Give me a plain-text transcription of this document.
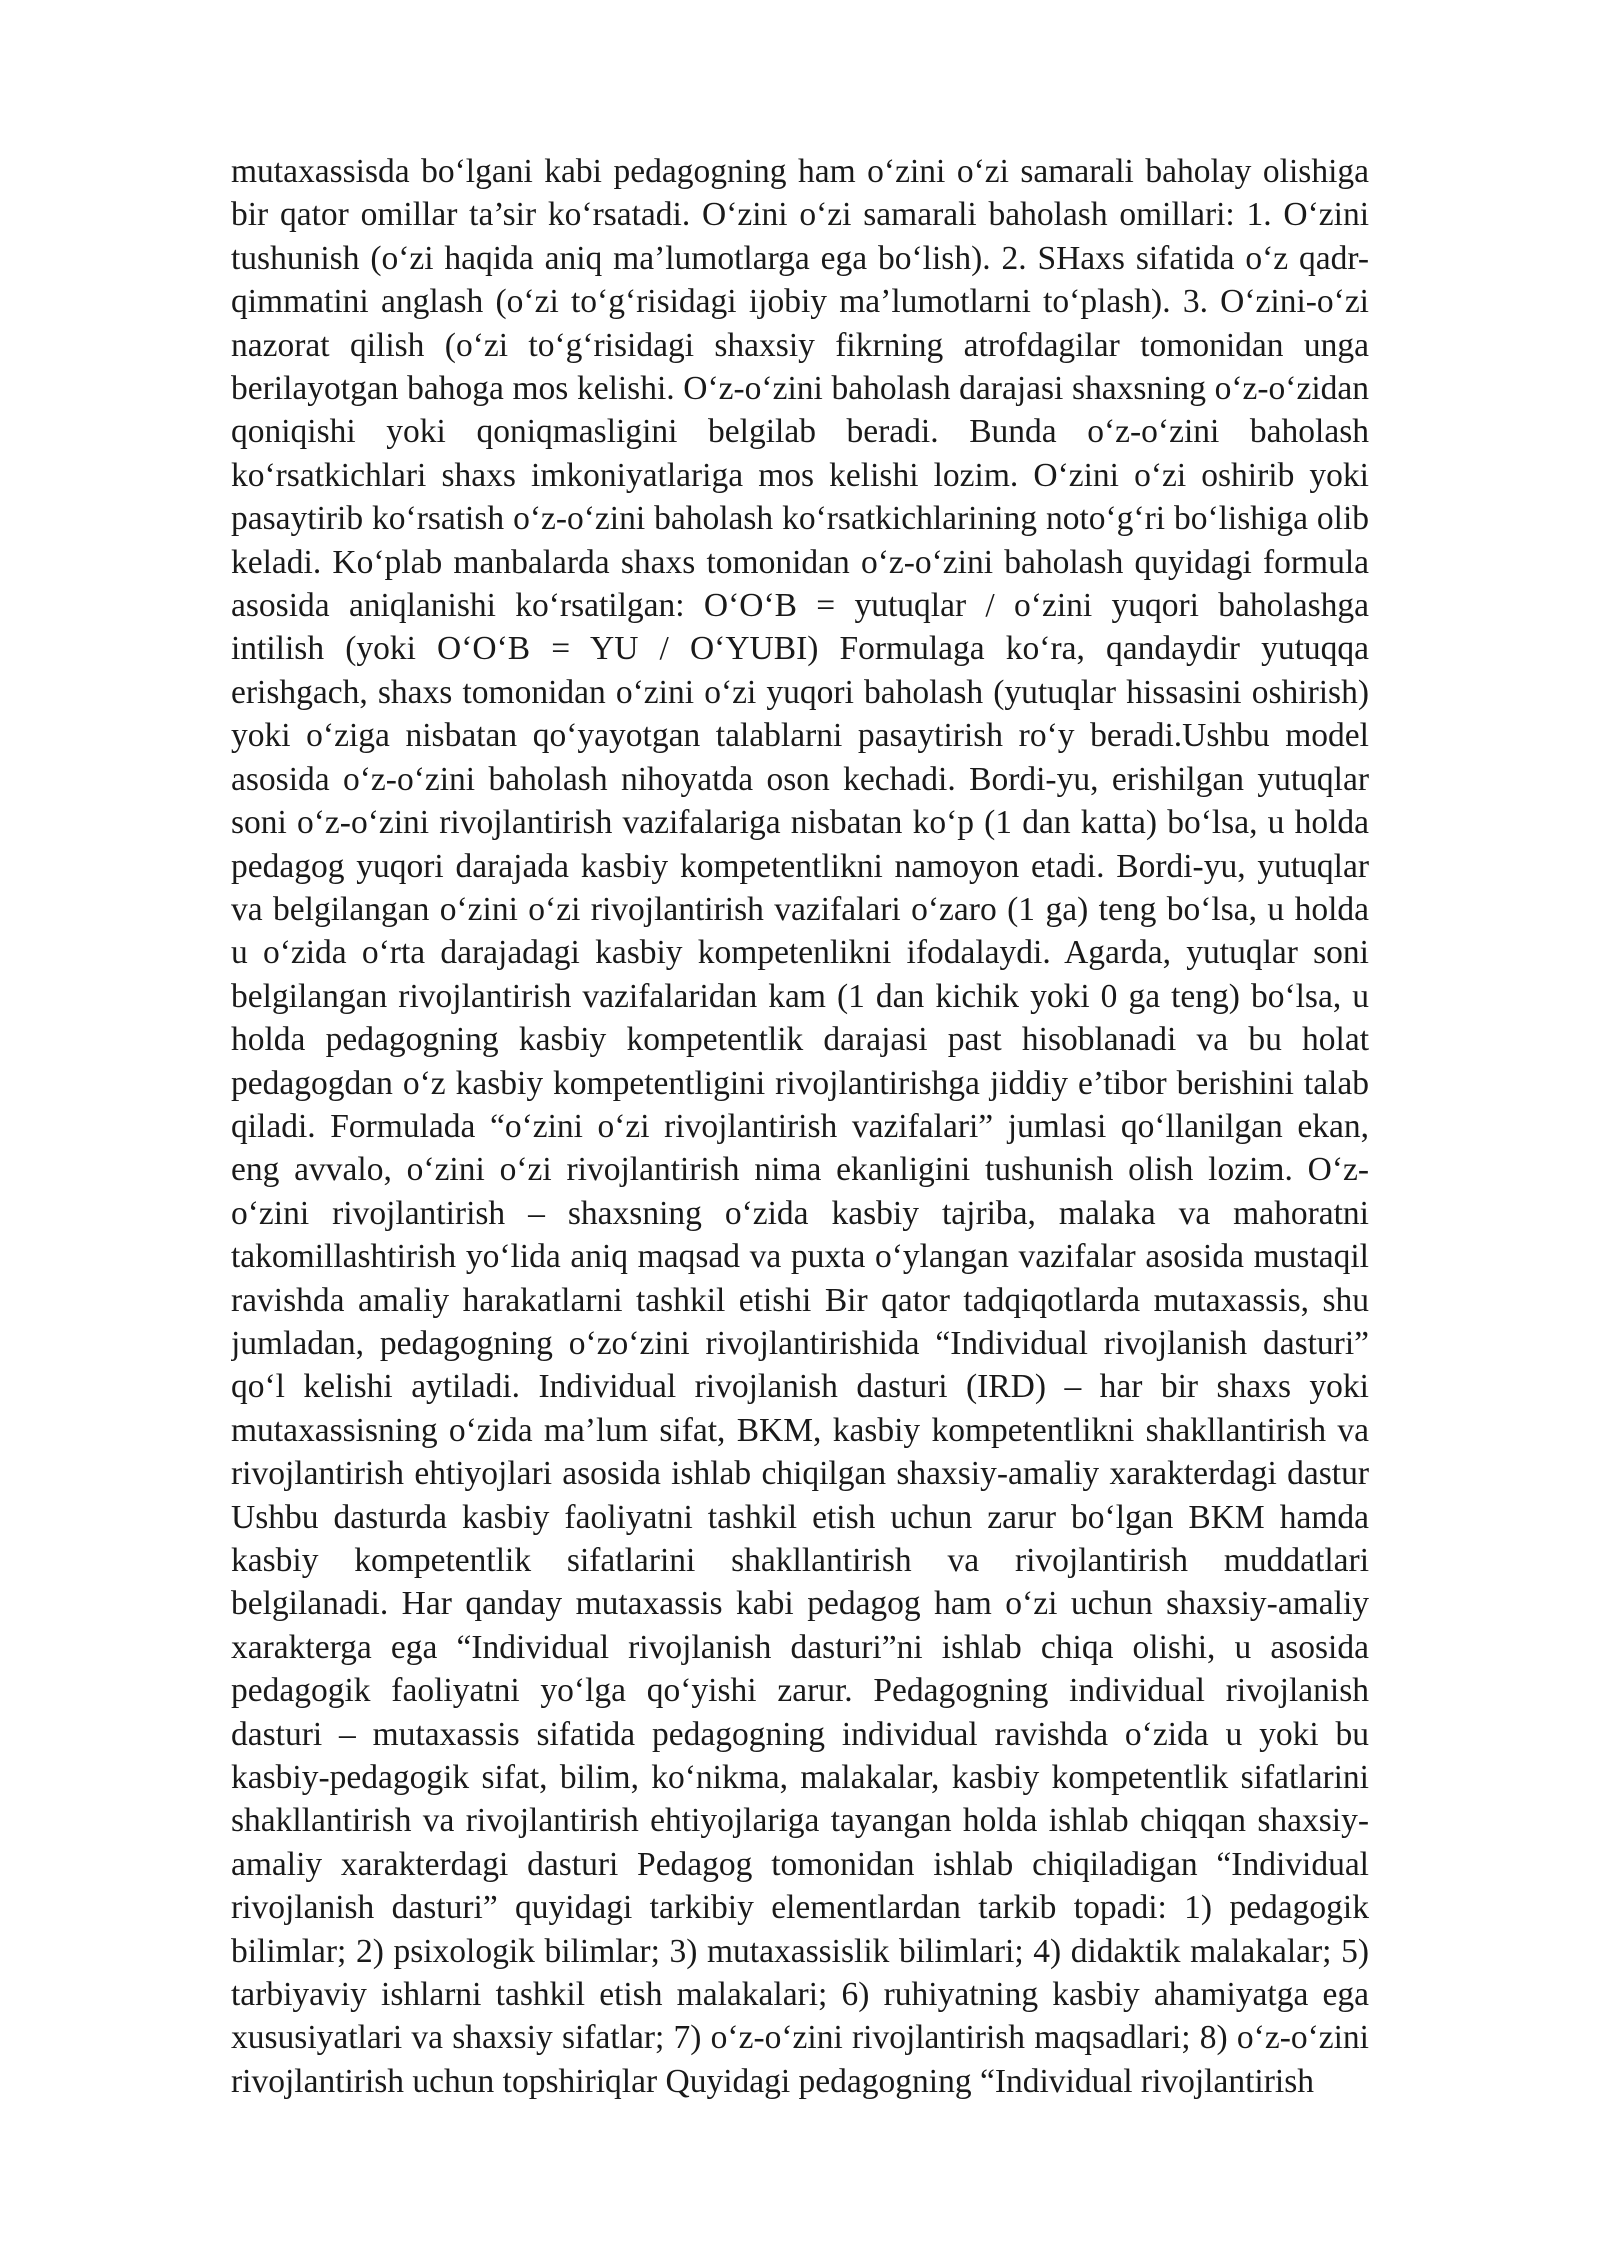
mutaxassisda bo‘lgani kabi pedagogning ham o‘zini o‘zi samarali baholay olishiga bir qator omillar ta’sir ko‘rsatadi. O‘zini o‘zi samarali baholash omillari: 1. O‘zini tushunish (o‘zi haqida aniq ma’lumotlarga ega bo‘lish). 2. SHaxs sifatida o‘z qadr-qimmatini anglash (o‘zi to‘g‘risidagi ijobiy ma’lumotlarni to‘plash). 3. O‘zini-o‘zi nazorat qilish (o‘zi to‘g‘risidagi shaxsiy fikrning atrofdagilar tomonidan unga berilayotgan bahoga mos kelishi. O‘z-o‘zini baholash darajasi shaxsning o‘z-o‘zidan qoniqishi yoki qoniqmasligini belgilab beradi. Bunda o‘z-o‘zini baholash ko‘rsatkichlari shaxs imkoniyatlariga mos kelishi lozim. O‘zini o‘zi oshirib yoki pasaytirib ko‘rsatish o‘z-o‘zini baholash ko‘rsatkichlarining noto‘g‘ri bo‘lishiga olib keladi. Ko‘plab manbalarda shaxs tomonidan o‘z-o‘zini baholash quyidagi formula asosida aniqlanishi ko‘rsatilgan: O‘O‘B = yutuqlar / o‘zini yuqori baholashga intilish (yoki O‘O‘B = YU / O‘YUBI) Formulaga ko‘ra, qandaydir yutuqqa erishgach, shaxs tomonidan o‘zini o‘zi yuqori baholash (yutuqlar hissasini oshirish) yoki o‘ziga nisbatan qo‘yayotgan talablarni pasaytirish ro‘y beradi.Ushbu model asosida o‘z-o‘zini baholash nihoyatda oson kechadi. Bordi-yu, erishilgan yutuqlar soni o‘z-o‘zini rivojlantirish vazifalariga nisbatan ko‘p (1 dan katta) bo‘lsa, u holda pedagog yuqori darajada kasbiy kompetentlikni namoyon etadi. Bordi-yu, yutuqlar va belgilangan o‘zini o‘zi rivojlantirish vazifalari o‘zaro (1 ga) teng bo‘lsa, u holda u o‘zida o‘rta darajadagi kasbiy kompetenlikni ifodalaydi. Agarda, yutuqlar soni belgilangan rivojlantirish vazifalaridan kam (1 dan kichik yoki 0 ga teng) bo‘lsa, u holda pedagogning kasbiy kompetentlik darajasi past hisoblanadi va bu holat pedagogdan o‘z kasbiy kompetentligini rivojlantirishga jiddiy e’tibor berishini talab qiladi. Formulada “o‘zini o‘zi rivojlantirish vazifalari” jumlasi qo‘llanilgan ekan, eng avvalo, o‘zini o‘zi rivojlantirish nima ekanligini tushunish olish lozim. O‘z-o‘zini rivojlantirish – shaxsning o‘zida kasbiy tajriba, malaka va mahoratni takomillashtirish yo‘lida aniq maqsad va puxta o‘ylangan vazifalar asosida mustaqil ravishda amaliy harakatlarni tashkil etishi Bir qator tadqiqotlarda mutaxassis, shu jumladan, pedagogning o‘zo‘zini rivojlantirishida “Individual rivojlanish dasturi” qo‘l kelishi aytiladi. Individual rivojlanish dasturi (IRD) – har bir shaxs yoki mutaxassisning o‘zida ma’lum sifat, BKM, kasbiy kompetentlikni shakllantirish va rivojlantirish ehtiyojlari asosida ishlab chiqilgan shaxsiy-amaliy xarakterdagi dastur Ushbu dasturda kasbiy faoliyatni tashkil etish uchun zarur bo‘lgan BKM hamda kasbiy kompetentlik sifatlarini shakllantirish va rivojlantirish muddatlari belgilanadi. Har qanday mutaxassis kabi pedagog ham o‘zi uchun shaxsiy-amaliy xarakterga ega “Individual rivojlanish dasturi”ni ishlab chiqa olishi, u asosida pedagogik faoliyatni yo‘lga qo‘yishi zarur. Pedagogning individual rivojlanish dasturi – mutaxassis sifatida pedagogning individual ravishda o‘zida u yoki bu kasbiy-pedagogik sifat, bilim, ko‘nikma, malakalar, kasbiy kompetentlik sifatlarini shakllantirish va rivojlantirish ehtiyojlariga tayangan holda ishlab chiqqan shaxsiy-amaliy xarakterdagi dasturi Pedagog tomonidan ishlab chiqiladigan “Individual rivojlanish dasturi” quyidagi tarkibiy elementlardan tarkib topadi: 1) pedagogik bilimlar; 2) psixologik bilimlar; 3) mutaxassislik bilimlari; 4) didaktik malakalar; 5) tarbiyaviy ishlarni tashkil etish malakalari; 6) ruhiyatning kasbiy ahamiyatga ega xususiyatlari va shaxsiy sifatlar; 7) o‘z-o‘zini rivojlantirish maqsadlari; 8) o‘z-o‘zini rivojlantirish uchun topshiriqlar Quyidagi pedagogning “Individual rivojlantirish
